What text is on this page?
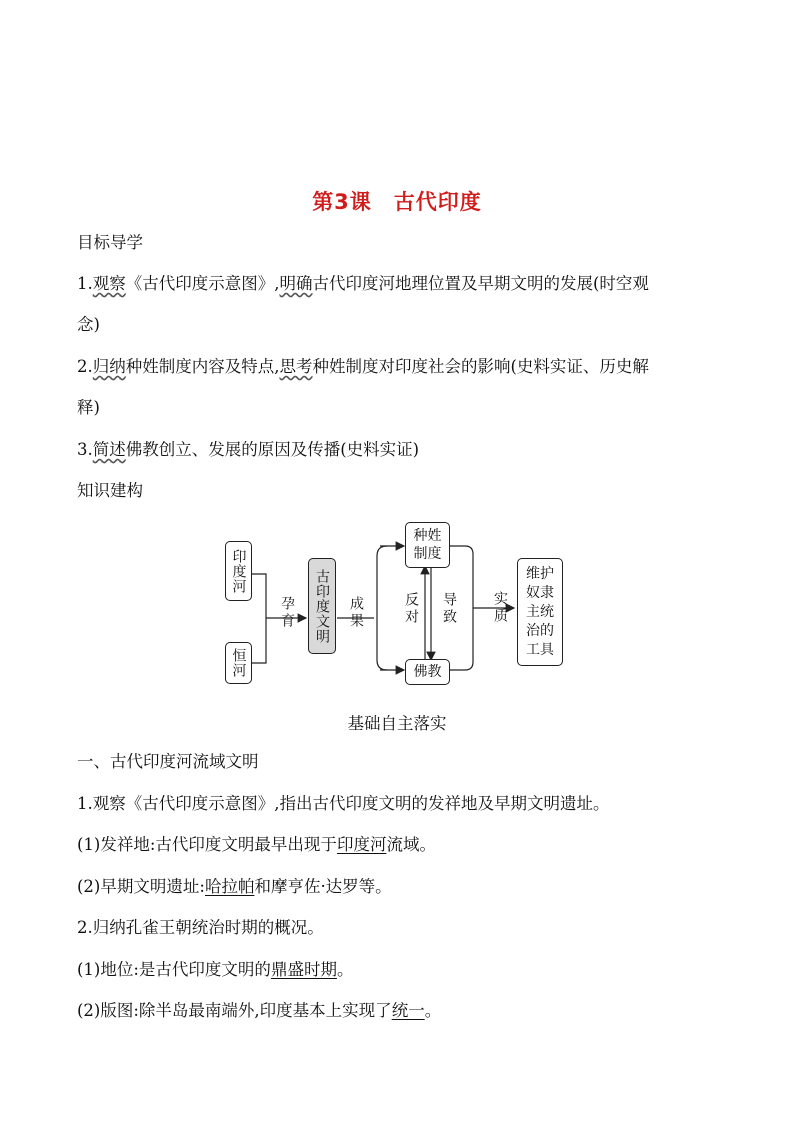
第3课　古代印度
目标导学
1.观察《古代印度示意图》,明确古代印度河地理位置及早期文明的发展(时空观
念)
2.归纳种姓制度内容及特点,思考种姓制度对印度社会的影响(史料实证、历史解
释)
3.简述佛教创立、发展的原因及传播(史料实证)
知识建构
印度河
恒河
孕育	古印度文明	成果
种姓制度
佛教
反对 导致	实质
维护奴隶主统治的工具
基础自主落实
一、古代印度河流域文明
1.观察《古代印度示意图》,指出古代印度文明的发祥地及早期文明遗址。
(1)发祥地:古代印度文明最早出现于印度河流域。
(2)早期文明遗址:哈拉帕和摩亨佐·达罗等。
2.归纳孔雀王朝统治时期的概况。
(1)地位:是古代印度文明的鼎盛时期。
(2)版图:除半岛最南端外,印度基本上实现了统一。
